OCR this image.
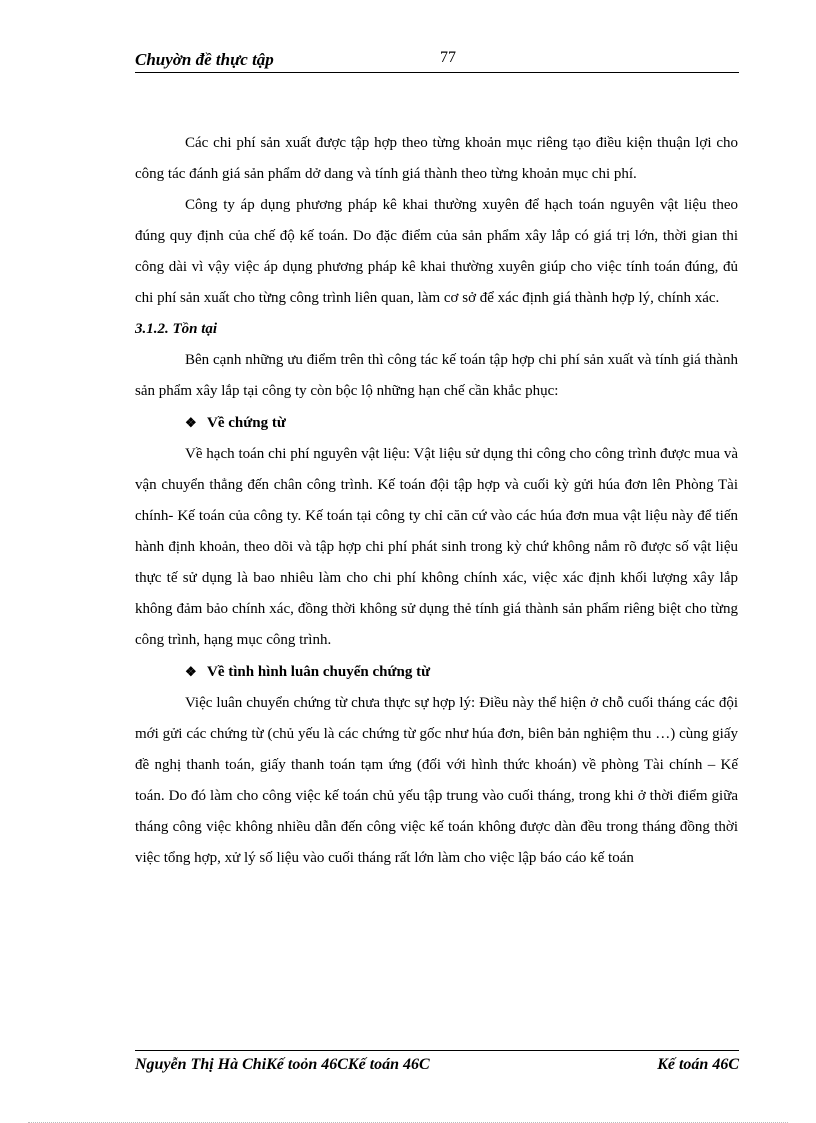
Chuyờn đề thực tập	77

Các chi phí sản xuất được tập hợp theo từng khoản mục riêng tạo điều kiện thuận lợi cho công tác đánh giá sản phẩm dở dang và tính giá thành theo từng khoản mục chi phí.

Công ty áp dụng phương pháp kê khai thường xuyên để hạch toán nguyên vật liệu theo đúng quy định của chế độ kế toán. Do đặc điểm của sản phẩm xây lắp có giá trị lớn, thời gian thi công dài vì vậy việc áp dụng phương pháp kê khai thường xuyên giúp cho việc tính toán đúng, đủ chi phí sản xuất cho từng công trình liên quan, làm cơ sở để xác định giá thành hợp lý, chính xác.

3.1.2. Tồn tại

Bên cạnh những ưu điểm trên thì công tác kế toán tập hợp chi phí sản xuất và tính giá thành sản phẩm xây lắp tại công ty còn bộc lộ những hạn chế cần khắc phục:

❖ Về chứng từ

Về hạch toán chi phí nguyên vật liệu: Vật liệu sử dụng thi công cho công trình được mua và vận chuyển thẳng đến chân công trình. Kế toán đội tập hợp và cuối kỳ gửi húa đơn lên Phòng Tài chính- Kế toán của công ty. Kế toán tại công ty chỉ căn cứ vào các húa đơn mua vật liệu này để tiến hành định khoản, theo dõi và tập hợp chi phí phát sinh trong kỳ chứ không nắm rõ được số vật liệu thực tế sử dụng là bao nhiêu làm cho chi phí không chính xác, việc xác định khối lượng xây lắp không đảm bảo chính xác, đồng thời không sử dụng thẻ tính giá thành sản phẩm riêng biệt cho từng công trình, hạng mục công trình.

❖ Về tình hình luân chuyển chứng từ

Việc luân chuyển chứng từ chưa thực sự hợp lý: Điều này thể hiện ở chỗ cuối tháng các đội mới gửi các chứng từ (chủ yếu là các chứng từ gốc như húa đơn, biên bản nghiệm thu …) cùng giấy đề nghị thanh toán, giấy thanh toán tạm ứng (đối với hình thức khoán) về phòng Tài chính – Kế toán. Do đó làm cho công việc kế toán chủ yếu tập trung vào cuối tháng, trong khi ở thời điểm giữa tháng công việc không nhiều dẫn đến công việc kế toán không được dàn đều trong tháng đồng thời việc tổng hợp, xử lý số liệu vào cuối tháng rất lớn làm cho việc lập báo cáo kế toán

Nguyễn Thị Hà ChiKế toỏn 46CKế toán 46C	Kế toán 46C
